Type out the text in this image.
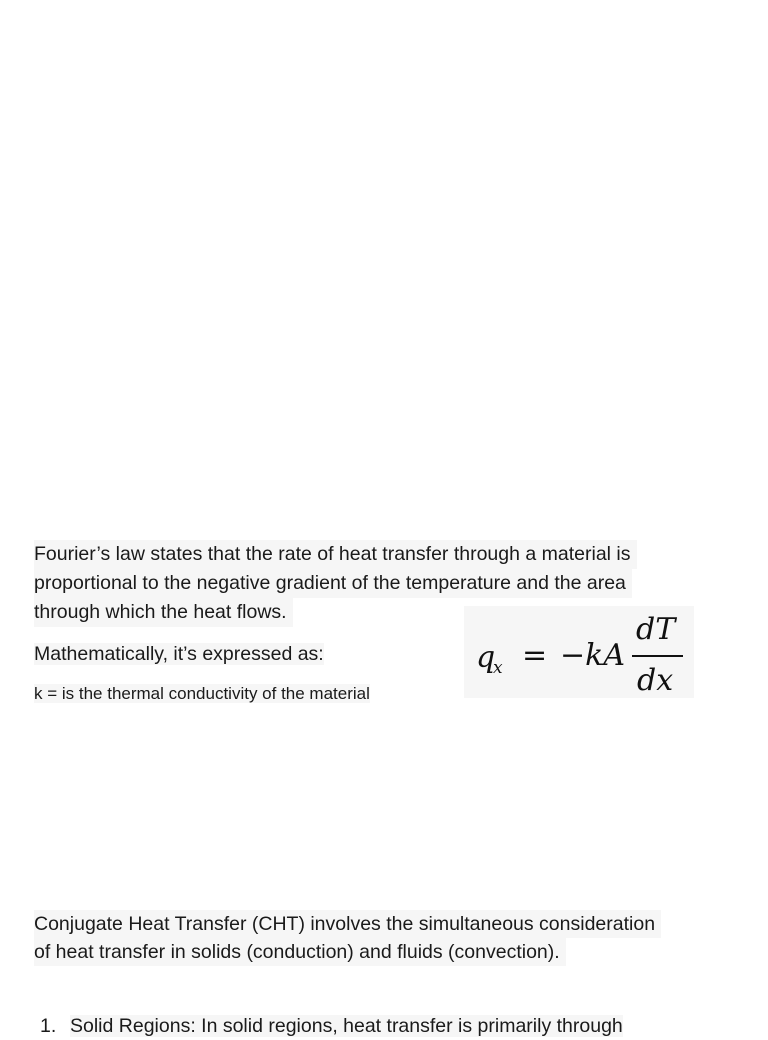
Fourier’s law states that the rate of heat transfer through a material is
proportional to the negative gradient of the temperature and the area
through which the heat flows.
Mathematically, it’s expressed as:
k = is the thermal conductivity of the material
q
x = −kA
dT
dx
Conjugate Heat Transfer (CHT) involves the simultaneous consideration
of heat transfer in solids (conduction) and fluids (convection).
1. Solid Regions: In solid regions, heat transfer is primarily through
